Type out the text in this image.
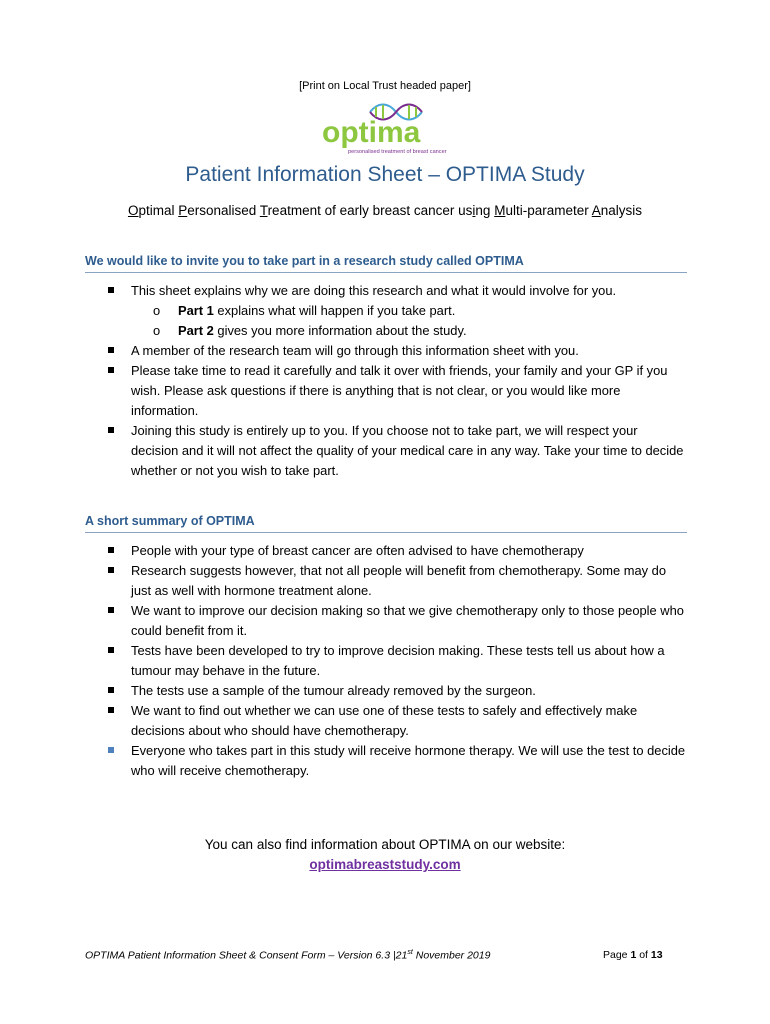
[Print on Local Trust headed paper]
optima
personalised treatment of breast cancer
Patient Information Sheet – OPTIMA Study
Optimal Personalised Treatment of early breast cancer using Multi-parameter Analysis
We would like to invite you to take part in a research study called OPTIMA
This sheet explains why we are doing this research and what it would involve for you.
o Part 1 explains what will happen if you take part.
o Part 2 gives you more information about the study.
A member of the research team will go through this information sheet with you.
Please take time to read it carefully and talk it over with friends, your family and your GP if you wish. Please ask questions if there is anything that is not clear, or you would like more information.
Joining this study is entirely up to you. If you choose not to take part, we will respect your decision and it will not affect the quality of your medical care in any way. Take your time to decide whether or not you wish to take part.
A short summary of OPTIMA
People with your type of breast cancer are often advised to have chemotherapy
Research suggests however, that not all people will benefit from chemotherapy. Some may do just as well with hormone treatment alone.
We want to improve our decision making so that we give chemotherapy only to those people who could benefit from it.
Tests have been developed to try to improve decision making. These tests tell us about how a tumour may behave in the future.
The tests use a sample of the tumour already removed by the surgeon.
We want to find out whether we can use one of these tests to safely and effectively make decisions about who should have chemotherapy.
Everyone who takes part in this study will receive hormone therapy. We will use the test to decide who will receive chemotherapy.
You can also find information about OPTIMA on our website:
optimabreaststudy.com
OPTIMA Patient Information Sheet & Consent Form – Version 6.3 |21st November 2019	Page 1 of 13
